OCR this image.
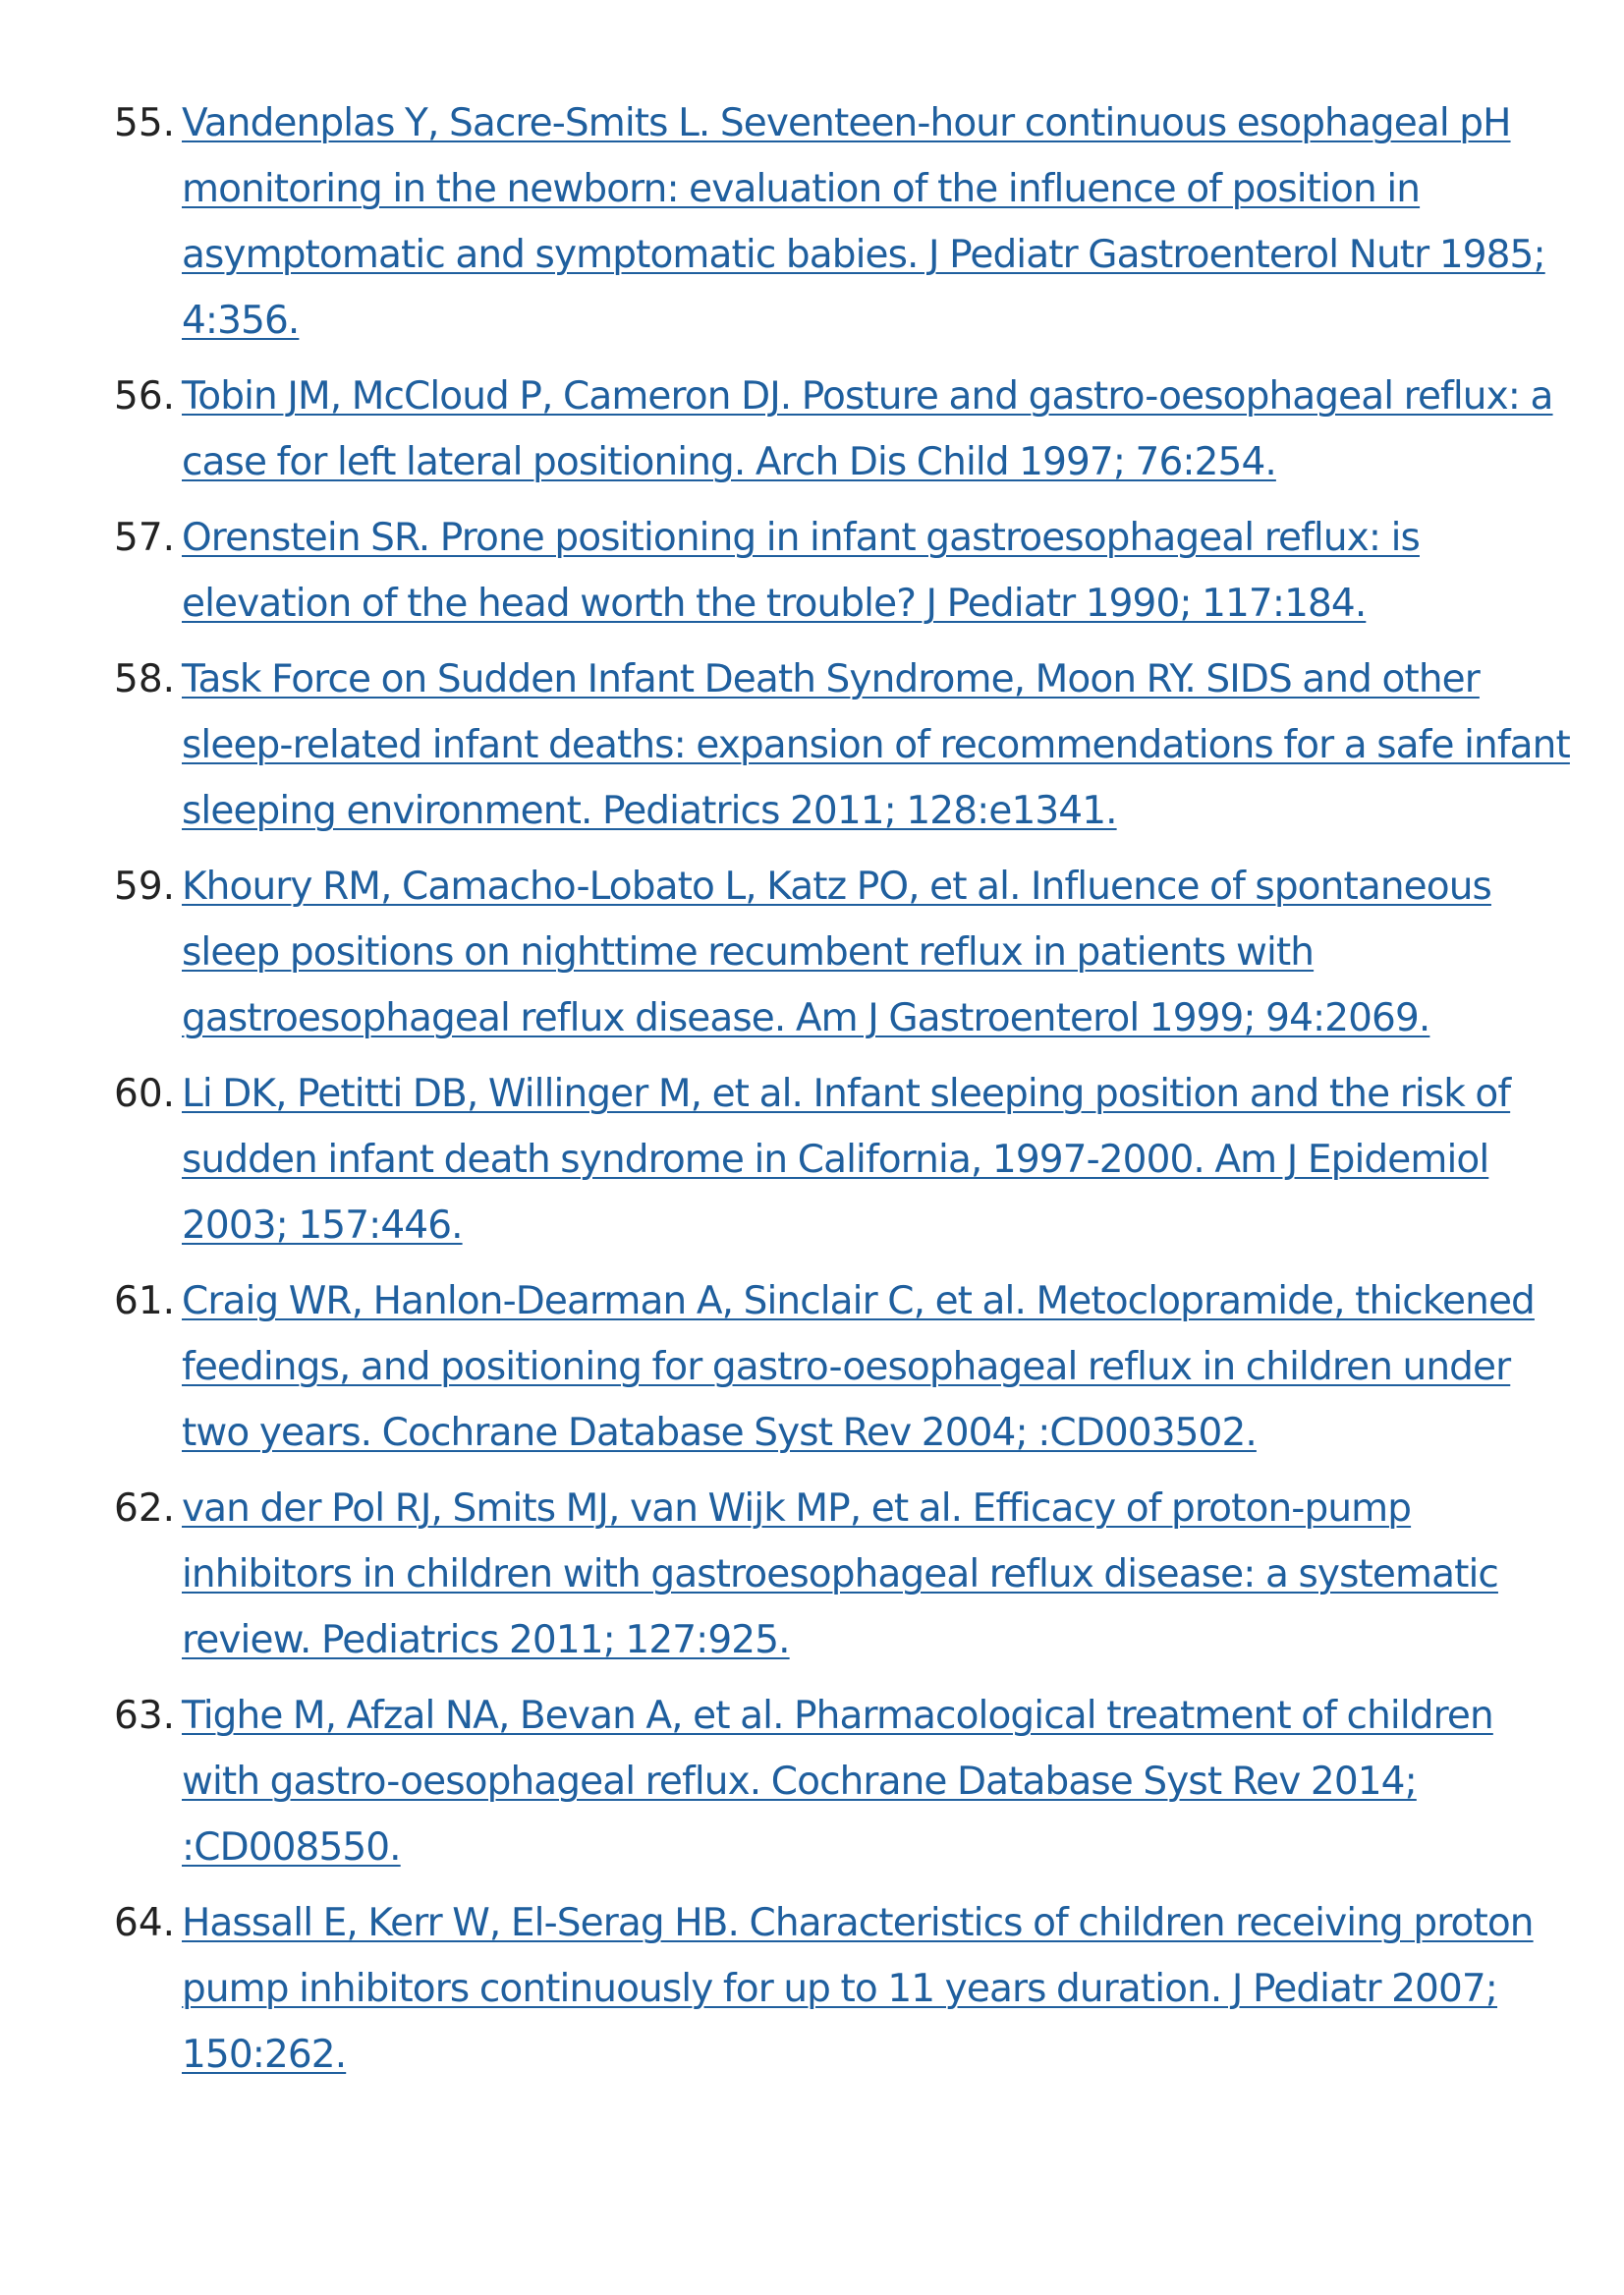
55. Vandenplas Y, Sacre-Smits L. Seventeen-hour continuous esophageal pH monitoring in the newborn: evaluation of the influence of position in asymptomatic and symptomatic babies. J Pediatr Gastroenterol Nutr 1985; 4:356.
56. Tobin JM, McCloud P, Cameron DJ. Posture and gastro-oesophageal reflux: a case for left lateral positioning. Arch Dis Child 1997; 76:254.
57. Orenstein SR. Prone positioning in infant gastroesophageal reflux: is elevation of the head worth the trouble? J Pediatr 1990; 117:184.
58. Task Force on Sudden Infant Death Syndrome, Moon RY. SIDS and other sleep-related infant deaths: expansion of recommendations for a safe infant sleeping environment. Pediatrics 2011; 128:e1341.
59. Khoury RM, Camacho-Lobato L, Katz PO, et al. Influence of spontaneous sleep positions on nighttime recumbent reflux in patients with gastroesophageal reflux disease. Am J Gastroenterol 1999; 94:2069.
60. Li DK, Petitti DB, Willinger M, et al. Infant sleeping position and the risk of sudden infant death syndrome in California, 1997-2000. Am J Epidemiol 2003; 157:446.
61. Craig WR, Hanlon-Dearman A, Sinclair C, et al. Metoclopramide, thickened feedings, and positioning for gastro-oesophageal reflux in children under two years. Cochrane Database Syst Rev 2004; :CD003502.
62. van der Pol RJ, Smits MJ, van Wijk MP, et al. Efficacy of proton-pump inhibitors in children with gastroesophageal reflux disease: a systematic review. Pediatrics 2011; 127:925.
63. Tighe M, Afzal NA, Bevan A, et al. Pharmacological treatment of children with gastro-oesophageal reflux. Cochrane Database Syst Rev 2014; :CD008550.
64. Hassall E, Kerr W, El-Serag HB. Characteristics of children receiving proton pump inhibitors continuously for up to 11 years duration. J Pediatr 2007; 150:262.
